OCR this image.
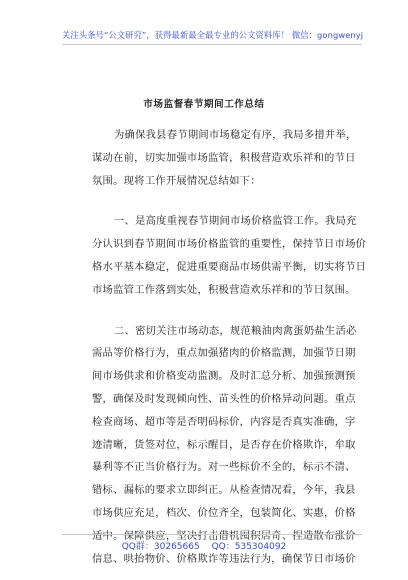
关注头条号“公文研究”，获得最新最全最专业的公文资料库！ 微信：gongwenyj
市场监督春节期间工作总结
为确保我县春节期间市场稳定有序，我局多措并举，
谋动在前，切实加强市场监管，积极营造欢乐祥和的节日
氛围。现将工作开展情况总结如下：
一、是高度重视春节期间市场价格监管工作。我局充
分认识到春节期间市场价格监管的重要性，保持节日市场价
格水平基本稳定，促进重要商品市场供需平衡，切实将节日
市场监管工作落到实处，积极营造欢乐祥和的节日氛围。
二、密切关注市场动态，规范粮油肉禽蛋奶盐生活必
需品等价格行为，重点加强猪肉的价格监测，加强节日期
间市场供求和价格变动监测。及时汇总分析、加强预测预
警，确保及时发现倾向性、苗头性的价格异动问题。重点
检查商场、超市等是否明码标价，内容是否真实准确，字
迹清晰，货签对位，标示醒目，是否存在价格欺诈，牟取
暴利等不正当价格行为。对一些标价不全的，标示不清、
错标、漏标的要求立即纠正。从检查情况看，今年，我县
市场供应充足，档次、价位齐全，包装简化、实惠，价格
适中。保障供应，坚决打击借机囤积居奇、捏造散布涨价
信息、哄抬物价、价格欺诈等违法行为，确保节日市场价
QQ群：30265665 QQ：535304092
